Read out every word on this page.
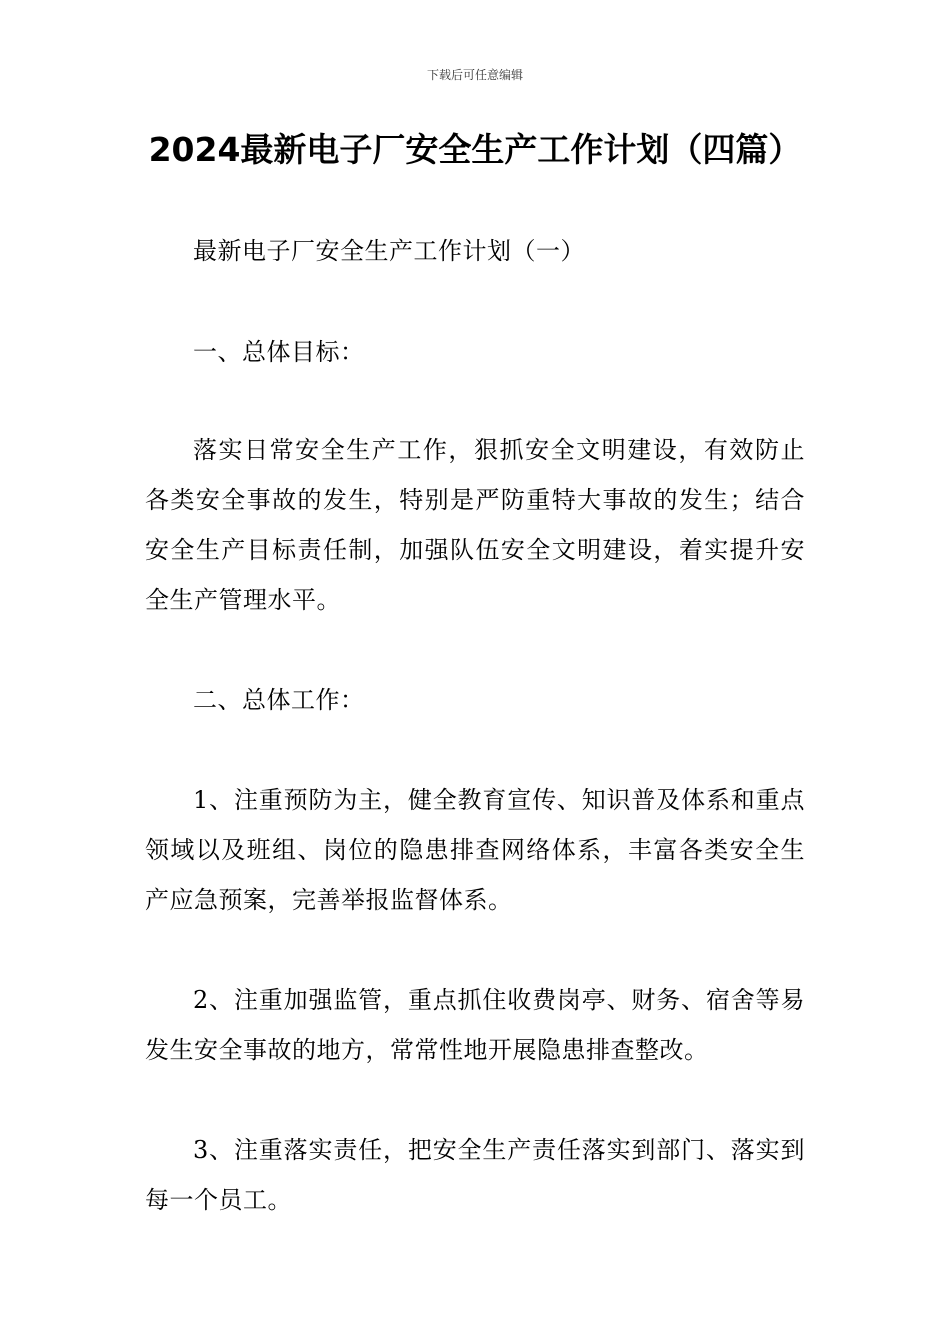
下载后可任意编辑
2024最新电子厂安全生产工作计划（四篇）

最新电子厂安全生产工作计划（一）

一、总体目标：

落实日常安全生产工作，狠抓安全文明建设，有效防止各类安全事故的发生，特别是严防重特大事故的发生；结合安全生产目标责任制，加强队伍安全文明建设，着实提升安全生产管理水平。

二、总体工作：

1、注重预防为主，健全教育宣传、知识普及体系和重点领域以及班组、岗位的隐患排查网络体系，丰富各类安全生产应急预案，完善举报监督体系。

2、注重加强监管，重点抓住收费岗亭、财务、宿舍等易发生安全事故的地方，常常性地开展隐患排查整改。

3、注重落实责任，把安全生产责任落实到部门、落实到每一个员工。
